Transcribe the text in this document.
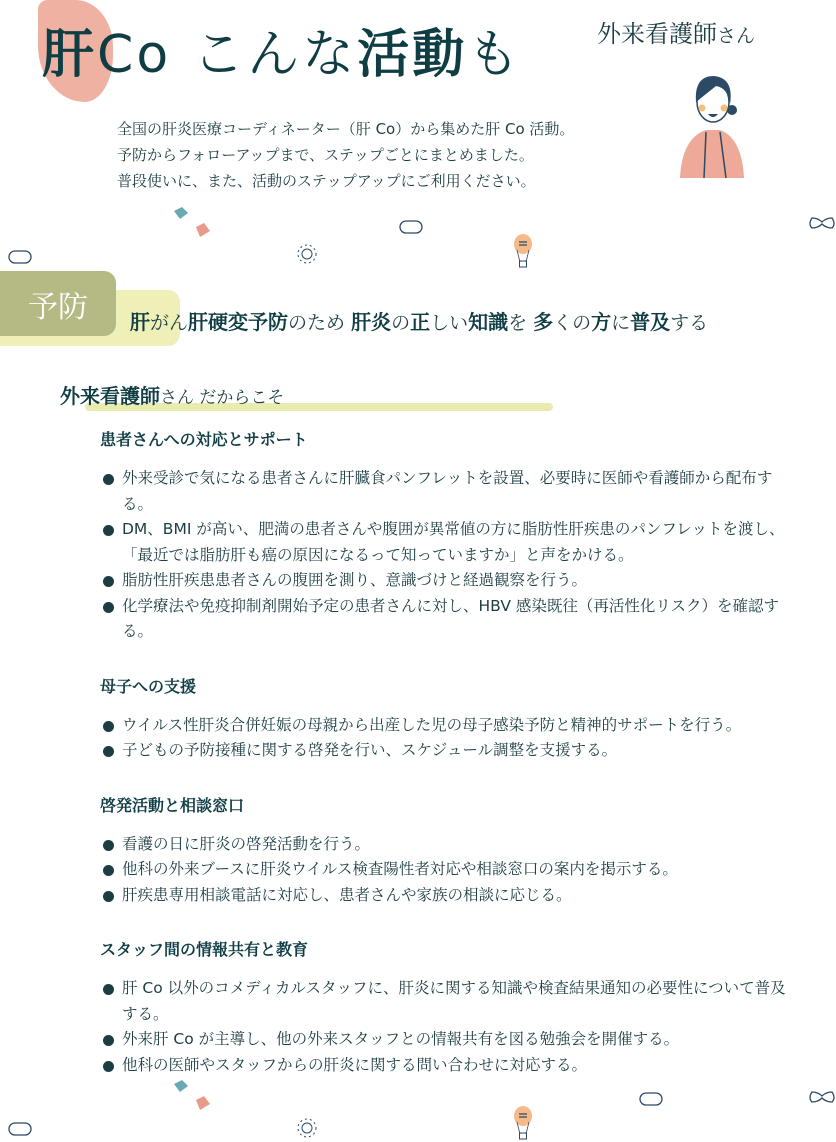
肝Co こんな活動も	外来看護師さん
全国の肝炎医療コーディネーター（肝 Co）から集めた肝 Co 活動。
予防からフォローアップまで、ステップごとにまとめました。
普段使いに、また、活動のステップアップにご利用ください。
予防	肝がん肝硬変予防のため 肝炎の正しい知識を 多くの方に普及する
外来看護師さん だからこそ
患者さんへの対応とサポート
外来受診で気になる患者さんに肝臓食パンフレットを設置、必要時に医師や看護師から配布する。
DM、BMI が高い、肥満の患者さんや腹囲が異常値の方に脂肪性肝疾患のパンフレットを渡し、「最近では脂肪肝も癌の原因になるって知っていますか」と声をかける。
脂肪性肝疾患患者さんの腹囲を測り、意識づけと経過観察を行う。
化学療法や免疫抑制剤開始予定の患者さんに対し、HBV 感染既往（再活性化リスク）を確認する。
母子への支援
ウイルス性肝炎合併妊娠の母親から出産した児の母子感染予防と精神的サポートを行う。
子どもの予防接種に関する啓発を行い、スケジュール調整を支援する。
啓発活動と相談窓口
看護の日に肝炎の啓発活動を行う。
他科の外来ブースに肝炎ウイルス検査陽性者対応や相談窓口の案内を掲示する。
肝疾患専用相談電話に対応し、患者さんや家族の相談に応じる。
スタッフ間の情報共有と教育
肝 Co 以外のコメディカルスタッフに、肝炎に関する知識や検査結果通知の必要性について普及する。
外来肝 Co が主導し、他の外来スタッフとの情報共有を図る勉強会を開催する。
他科の医師やスタッフからの肝炎に関する問い合わせに対応する。
